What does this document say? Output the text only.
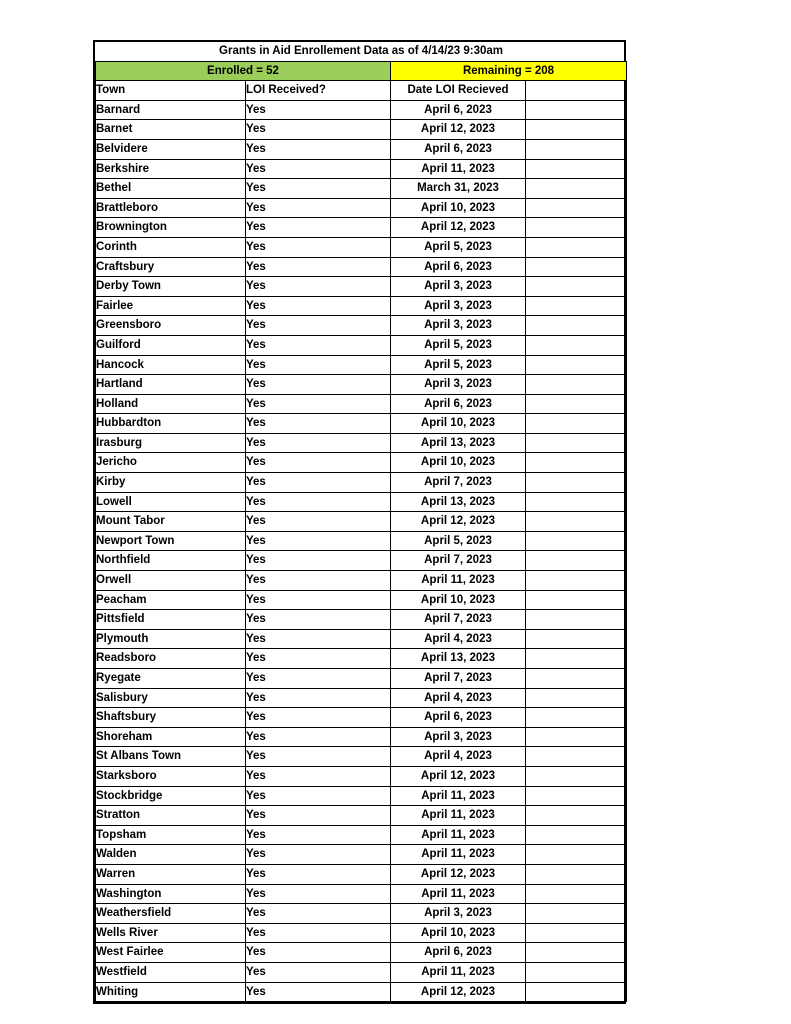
Grants in Aid Enrollement Data as of 4/14/23 9:30am			
Enrolled = 52		Remaining = 208	
Town	LOI Received?	Date LOI Recieved	
Barnard	Yes	April 6, 2023	
Barnet	Yes	April 12, 2023	
Belvidere	Yes	April 6, 2023	
Berkshire	Yes	April 11, 2023	
Bethel	Yes	March 31, 2023	
Brattleboro	Yes	April 10, 2023	
Brownington	Yes	April 12, 2023	
Corinth	Yes	April 5, 2023	
Craftsbury	Yes	April 6, 2023	
Derby Town	Yes	April 3, 2023	
Fairlee	Yes	April 3, 2023	
Greensboro	Yes	April 3, 2023	
Guilford	Yes	April 5, 2023	
Hancock	Yes	April 5, 2023	
Hartland	Yes	April 3, 2023	
Holland	Yes	April 6, 2023	
Hubbardton	Yes	April 10, 2023	
Irasburg	Yes	April 13, 2023	
Jericho	Yes	April 10, 2023	
Kirby	Yes	April 7, 2023	
Lowell	Yes	April 13, 2023	
Mount Tabor	Yes	April 12, 2023	
Newport Town	Yes	April 5, 2023	
Northfield	Yes	April 7, 2023	
Orwell	Yes	April 11, 2023	
Peacham	Yes	April 10, 2023	
Pittsfield	Yes	April 7, 2023	
Plymouth	Yes	April 4, 2023	
Readsboro	Yes	April 13, 2023	
Ryegate	Yes	April 7, 2023	
Salisbury	Yes	April 4, 2023	
Shaftsbury	Yes	April 6, 2023	
Shoreham	Yes	April 3, 2023	
St Albans Town	Yes	April 4, 2023	
Starksboro	Yes	April 12, 2023	
Stockbridge	Yes	April 11, 2023	
Stratton	Yes	April 11, 2023	
Topsham	Yes	April 11, 2023	
Walden	Yes	April 11, 2023	
Warren	Yes	April 12, 2023	
Washington	Yes	April 11, 2023	
Weathersfield	Yes	April 3, 2023	
Wells River	Yes	April 10, 2023	
West Fairlee	Yes	April 6, 2023	
Westfield	Yes	April 11, 2023	
Whiting	Yes	April 12, 2023	
